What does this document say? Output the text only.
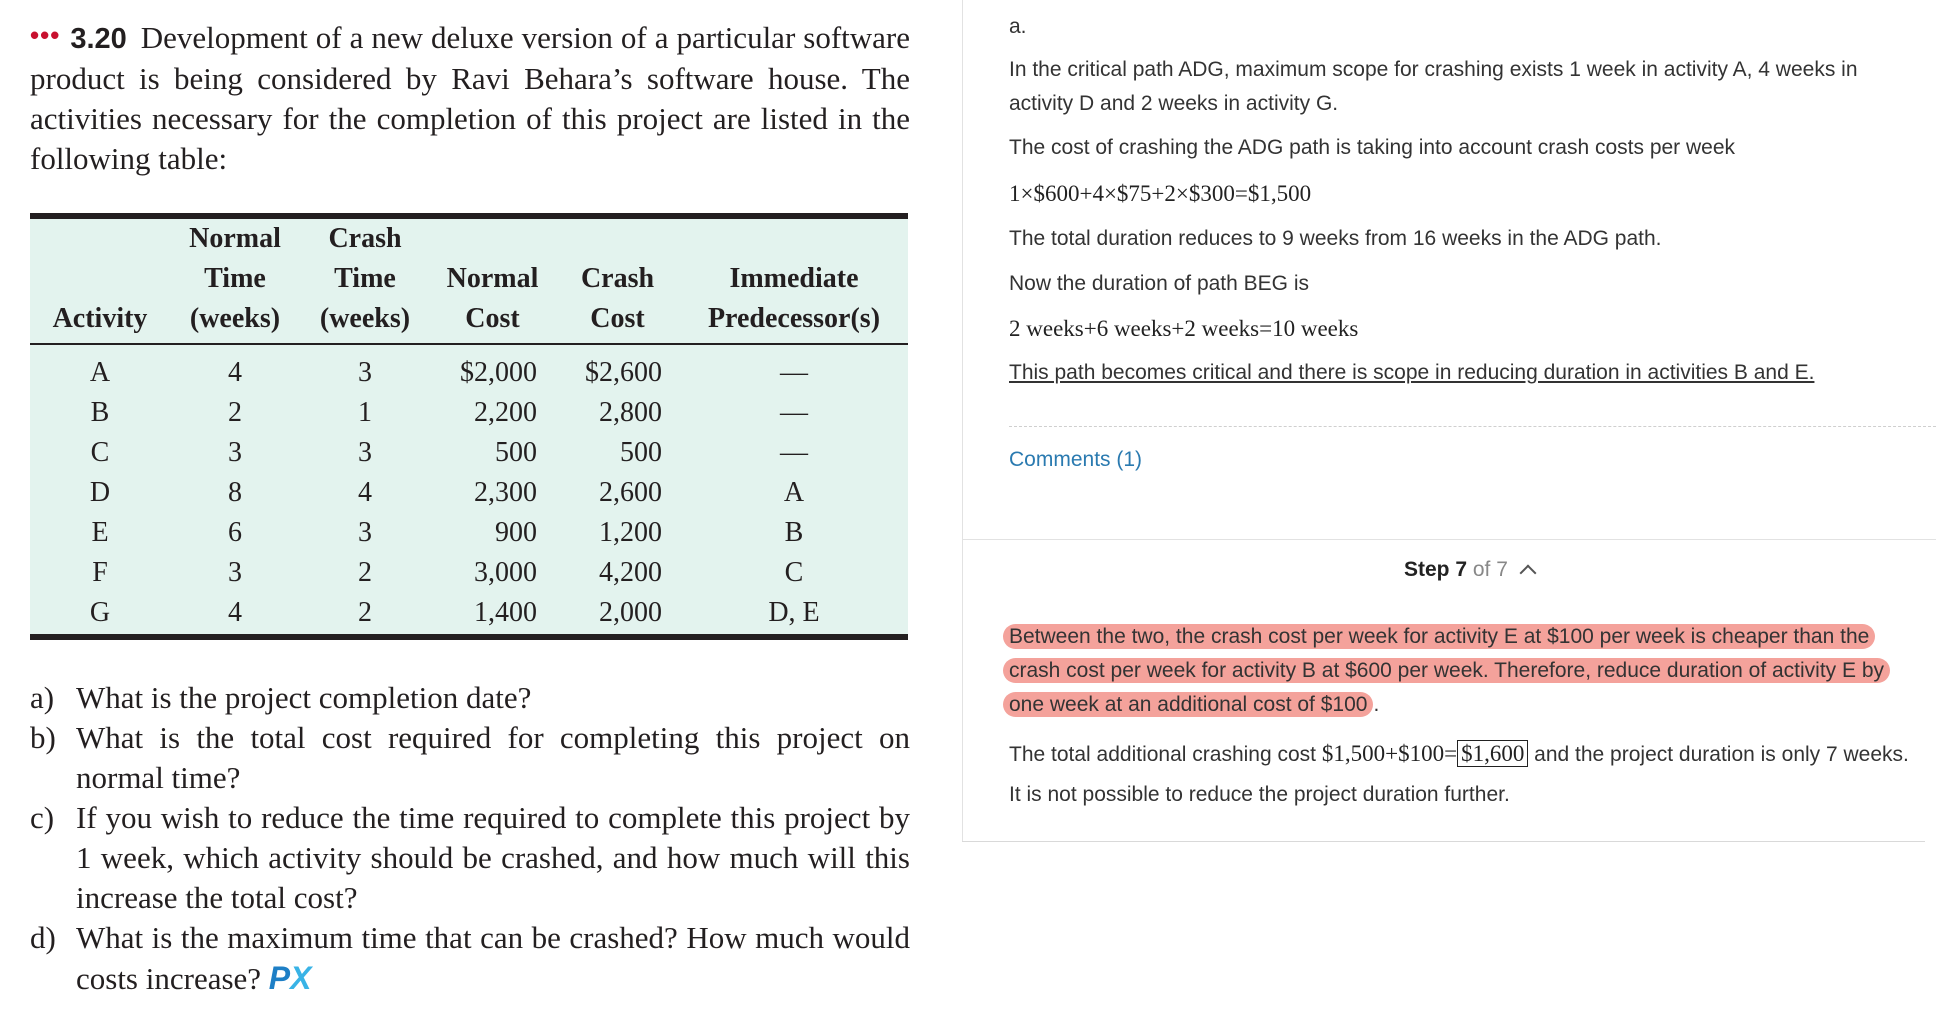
••• 3.20 Development of a new deluxe version of a particular software product is being considered by Ravi Behara’s software house. The activities necessary for the completion of this project are listed in the following table:
	Normal	Crash			
	Time	Time	Normal	Crash	Immediate
Activity	(weeks)	(weeks)	Cost	Cost	Predecessor(s)
A	4	3	$2,000	$2,600	—
B	2	1	2,200	2,800	—
C	3	3	500	500	—
D	8	4	2,300	2,600	A
E	6	3	900	1,200	B
F	3	2	3,000	4,200	C
G	4	2	1,400	2,000	D, E
a) What is the project completion date?
b) What is the total cost required for completing this project on normal time?
c) If you wish to reduce the time required to complete this project by 1 week, which activity should be crashed, and how much will this increase the total cost?
d) What is the maximum time that can be crashed? How much would costs increase? PX

a.

In the critical path ADG, maximum scope for crashing exists 1 week in activity A, 4 weeks in activity D and 2 weeks in activity G.

The cost of crashing the ADG path is taking into account crash costs per week

1×$600+4×$75+2×$300=$1,500

The total duration reduces to 9 weeks from 16 weeks in the ADG path.

Now the duration of path BEG is

2 weeks+6 weeks+2 weeks=10 weeks

This path becomes critical and there is scope in reducing duration in activities B and E.

Comments (1)

Step 7 of 7

Between the two, the crash cost per week for activity E at $100 per week is cheaper than the crash cost per week for activity B at $600 per week. Therefore, reduce duration of activity E by one week at an additional cost of $100 .

The total additional crashing cost $1,500+$100= $1,600 and the project duration is only 7 weeks. It is not possible to reduce the project duration further.
